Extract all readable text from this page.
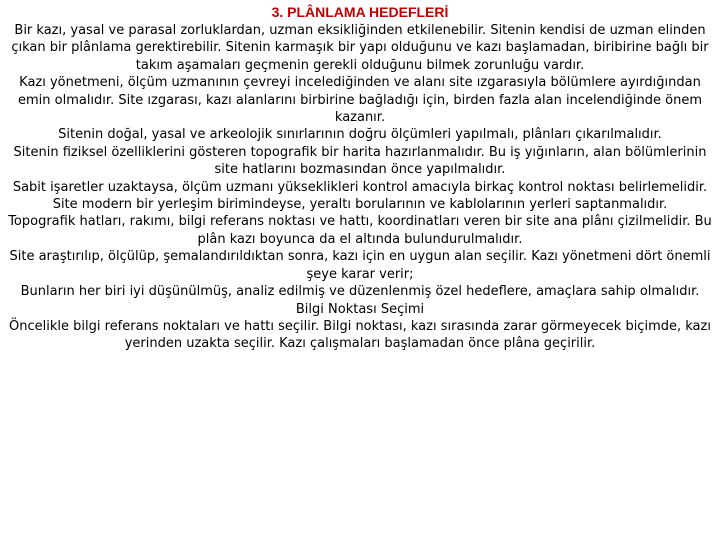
3. PLÂNLAMA HEDEFLERİ

Bir kazı, yasal ve parasal zorluklardan, uzman eksikliğinden etkilenebilir. Sitenin kendisi de uzman elinden çıkan bir plânlama gerektirebilir. Sitenin karmaşık bir yapı olduğunu ve kazı başlamadan, biribirine bağlı bir takım aşamaları geçmenin gerekli olduğunu bilmek zorunluğu vardır.

Kazı yönetmeni, ölçüm uzmanının çevreyi incelediğinden ve alanı site ızgarasıyla bölümlere ayırdığından emin olmalıdır. Site ızgarası, kazı alanlarını birbirine bağladığı için, birden fazla alan incelendiğinde önem kazanır.

Sitenin doğal, yasal ve arkeolojik sınırlarının doğru ölçümleri yapılmalı, plânları çıkarılmalıdır.

Sitenin fiziksel özelliklerini gösteren topografik bir harita hazırlanmalıdır. Bu iş yığınların, alan bölümlerinin site hatlarını bozmasından önce yapılmalıdır.

Sabit işaretler uzaktaysa, ölçüm uzmanı yükseklikleri kontrol amacıyla birkaç kontrol noktası belirlemelidir.

Site modern bir yerleşim birimindeyse, yeraltı borularının ve kablolarının yerleri saptanmalıdır.

Topografik hatları, rakımı, bilgi referans noktası ve hattı, koordinatları veren bir site ana plânı çizilmelidir. Bu plân kazı boyunca da el altında bulundurulmalıdır.

Site araştırılıp, ölçülüp, şemalandırıldıktan sonra, kazı için en uygun alan seçilir. Kazı yönetmeni dört önemli şeye karar verir;

Bunların her biri iyi düşünülmüş, analiz edilmiş ve düzenlenmiş özel hedeflere, amaçlara sahip olmalıdır.

Bilgi Noktası Seçimi

Öncelikle bilgi referans noktaları ve hattı seçilir. Bilgi noktası, kazı sırasında zarar görmeyecek biçimde, kazı yerinden uzakta seçilir. Kazı çalışmaları başlamadan önce plâna geçirilir.
